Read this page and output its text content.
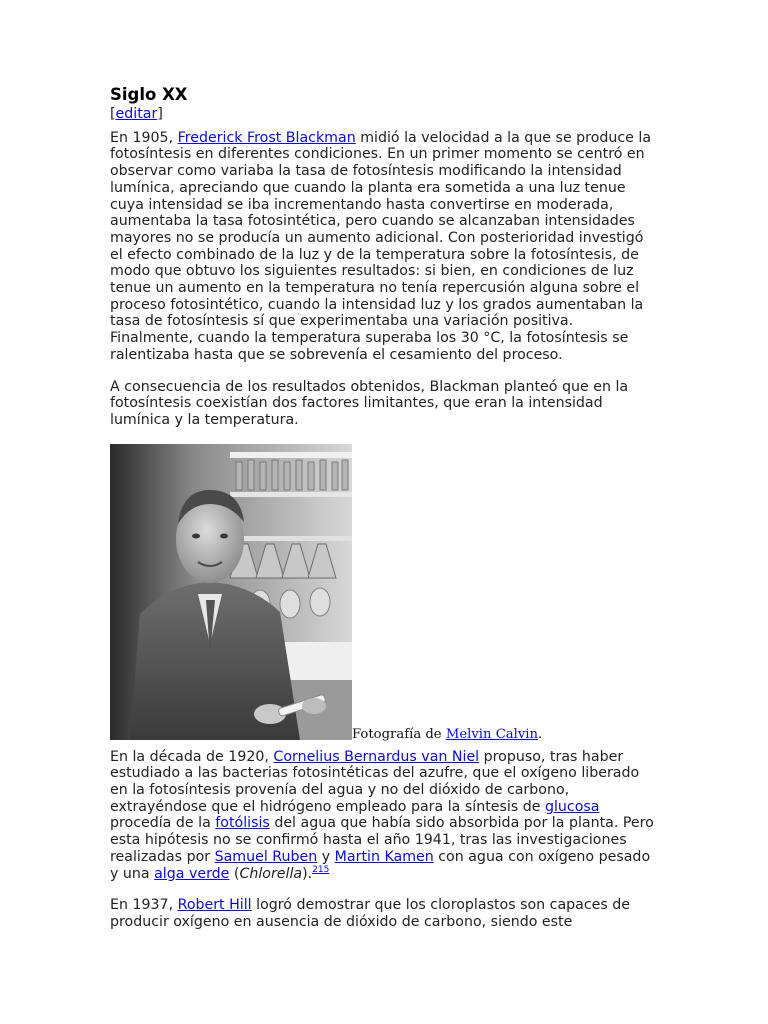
Siglo XX
[editar]

En 1905, Frederick Frost Blackman midió la velocidad a la que se produce la fotosíntesis en diferentes condiciones. En un primer momento se centró en observar como variaba la tasa de fotosíntesis modificando la intensidad lumínica, apreciando que cuando la planta era sometida a una luz tenue cuya intensidad se iba incrementando hasta convertirse en moderada, aumentaba la tasa fotosintética, pero cuando se alcanzaban intensidades mayores no se producía un aumento adicional. Con posterioridad investigó el efecto combinado de la luz y de la temperatura sobre la fotosíntesis, de modo que obtuvo los siguientes resultados: si bien, en condiciones de luz tenue un aumento en la temperatura no tenía repercusión alguna sobre el proceso fotosintético, cuando la intensidad luz y los grados aumentaban la tasa de fotosíntesis sí que experimentaba una variación positiva. Finalmente, cuando la temperatura superaba los 30 °C, la fotosíntesis se ralentizaba hasta que se sobrevenía el cesamiento del proceso.

A consecuencia de los resultados obtenidos, Blackman planteó que en la fotosíntesis coexistían dos factores limitantes, que eran la intensidad lumínica y la temperatura.

Fotografía de Melvin Calvin.

En la década de 1920, Cornelius Bernardus van Niel propuso, tras haber estudiado a las bacterias fotosintéticas del azufre, que el oxígeno liberado en la fotosíntesis provenía del agua y no del dióxido de carbono, extrayéndose que el hidrógeno empleado para la síntesis de glucosa procedía de la fotólisis del agua que había sido absorbida por la planta. Pero esta hipótesis no se confirmó hasta el año 1941, tras las investigaciones realizadas por Samuel Ruben y Martin Kamen con agua con oxígeno pesado y una alga verde (Chlorella).$^{215}$

En 1937, Robert Hill logró demostrar que los cloroplastos son capaces de producir oxígeno en ausencia de dióxido de carbono, siendo este
